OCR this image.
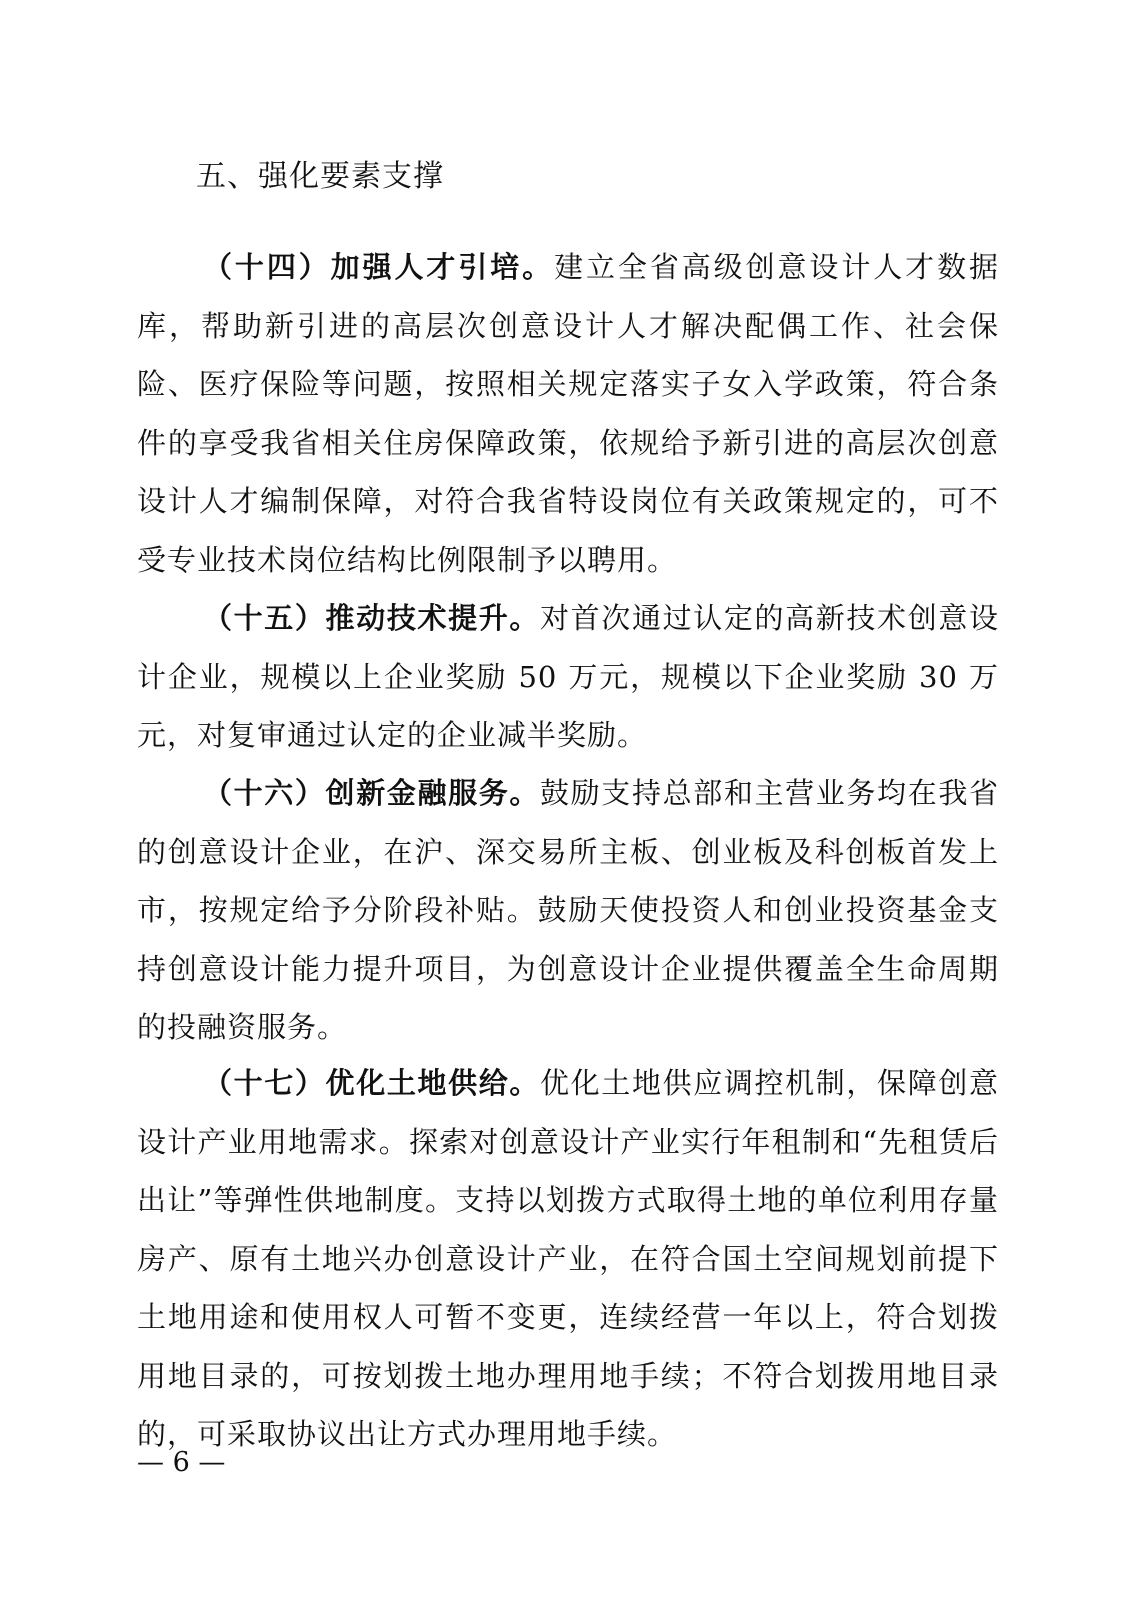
五、强化要素支撑

（十四）加强人才引培。建立全省高级创意设计人才数据库，帮助新引进的高层次创意设计人才解决配偶工作、社会保险、医疗保险等问题，按照相关规定落实子女入学政策，符合条件的享受我省相关住房保障政策，依规给予新引进的高层次创意设计人才编制保障，对符合我省特设岗位有关政策规定的，可不受专业技术岗位结构比例限制予以聘用。

（十五）推动技术提升。对首次通过认定的高新技术创意设计企业，规模以上企业奖励 50 万元，规模以下企业奖励 30 万元，对复审通过认定的企业减半奖励。

（十六）创新金融服务。鼓励支持总部和主营业务均在我省的创意设计企业，在沪、深交易所主板、创业板及科创板首发上市，按规定给予分阶段补贴。鼓励天使投资人和创业投资基金支持创意设计能力提升项目，为创意设计企业提供覆盖全生命周期的投融资服务。

（十七）优化土地供给。优化土地供应调控机制，保障创意设计产业用地需求。探索对创意设计产业实行年租制和“先租赁后出让”等弹性供地制度。支持以划拨方式取得土地的单位利用存量房产、原有土地兴办创意设计产业，在符合国土空间规划前提下土地用途和使用权人可暂不变更，连续经营一年以上，符合划拨用地目录的，可按划拨土地办理用地手续；不符合划拨用地目录的，可采取协议出让方式办理用地手续。

— 6 —
